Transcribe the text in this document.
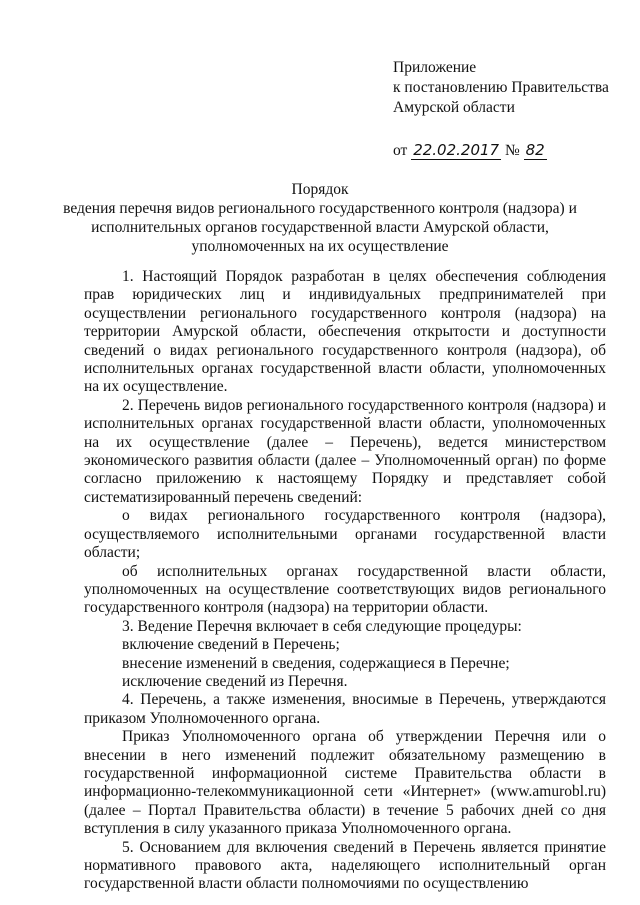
Приложение
к постановлению Правительства
Амурской области
от 22.02.2017 № 82
Порядок
ведения перечня видов регионального государственного контроля (надзора) и
исполнительных органов государственной власти Амурской области,
уполномоченных на их осуществление

1. Настоящий Порядок разработан в целях обеспечения соблюдения прав юридических лиц и индивидуальных предпринимателей при осуществлении регионального государственного контроля (надзора) на территории Амурской области, обеспечения открытости и доступности сведений о видах регионального государственного контроля (надзора), об исполнительных органах государственной власти области, уполномоченных на их осуществление.

2. Перечень видов регионального государственного контроля (надзора) и исполнительных органах государственной власти области, уполномоченных на их осуществление (далее – Перечень), ведется министерством экономического развития области (далее – Уполномоченный орган) по форме согласно приложению к настоящему Порядку и представляет собой систематизированный перечень сведений:

о видах регионального государственного контроля (надзора), осуществляемого исполнительными органами государственной власти области;

об исполнительных органах государственной власти области, уполномоченных на осуществление соответствующих видов регионального государственного контроля (надзора) на территории области.

3. Ведение Перечня включает в себя следующие процедуры:

включение сведений в Перечень;

внесение изменений в сведения, содержащиеся в Перечне;

исключение сведений из Перечня.

4. Перечень, а также изменения, вносимые в Перечень, утверждаются приказом Уполномоченного органа.

Приказ Уполномоченного органа об утверждении Перечня или о внесении в него изменений подлежит обязательному размещению в государственной информационной системе Правительства области в информационно-телекоммуникационной сети «Интернет» (www.amurobl.ru) (далее – Портал Правительства области) в течение 5 рабочих дней со дня вступления в силу указанного приказа Уполномоченного органа.

5. Основанием для включения сведений в Перечень является принятие нормативного правового акта, наделяющего исполнительный орган государственной власти области полномочиями по осуществлению
